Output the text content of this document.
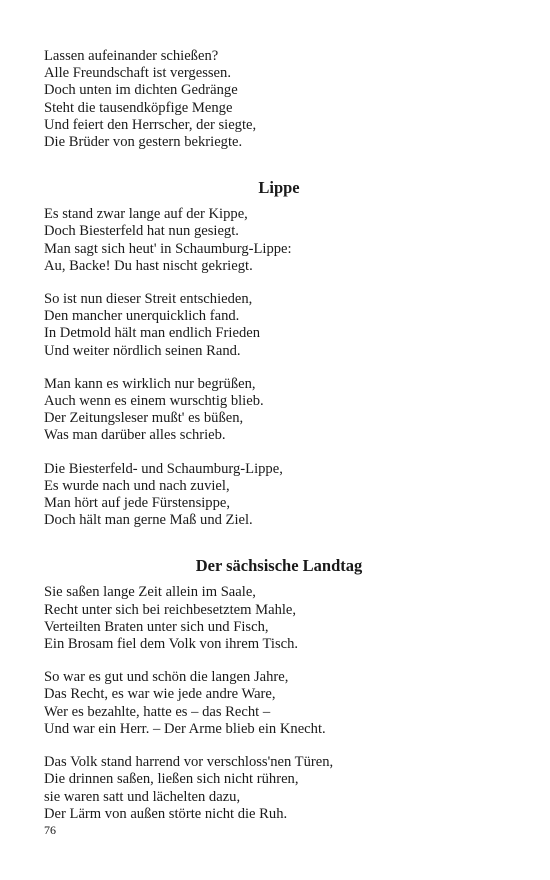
Lassen aufeinander schießen?
Alle Freundschaft ist vergessen.
Doch unten im dichten Gedränge
Steht die tausendköpfige Menge
Und feiert den Herrscher, der siegte,
Die Brüder von gestern bekriegte.
Lippe
Es stand zwar lange auf der Kippe,
Doch Biesterfeld hat nun gesiegt.
Man sagt sich heut' in Schaumburg-Lippe:
Au, Backe! Du hast nischt gekriegt.
So ist nun dieser Streit entschieden,
Den mancher unerquicklich fand.
In Detmold hält man endlich Frieden
Und weiter nördlich seinen Rand.
Man kann es wirklich nur begrüßen,
Auch wenn es einem wurschtig blieb.
Der Zeitungsleser mußt' es büßen,
Was man darüber alles schrieb.
Die Biesterfeld- und Schaumburg-Lippe,
Es wurde nach und nach zuviel,
Man hört auf jede Fürstensippe,
Doch hält man gerne Maß und Ziel.
Der sächsische Landtag
Sie saßen lange Zeit allein im Saale,
Recht unter sich bei reichbesetztem Mahle,
Verteilten Braten unter sich und Fisch,
Ein Brosam fiel dem Volk von ihrem Tisch.
So war es gut und schön die langen Jahre,
Das Recht, es war wie jede andre Ware,
Wer es bezahlte, hatte es – das Recht –
Und war ein Herr. – Der Arme blieb ein Knecht.
Das Volk stand harrend vor verschloss'nen Türen,
Die drinnen saßen, ließen sich nicht rühren,
sie waren satt und lächelten dazu,
Der Lärm von außen störte nicht die Ruh.
76
